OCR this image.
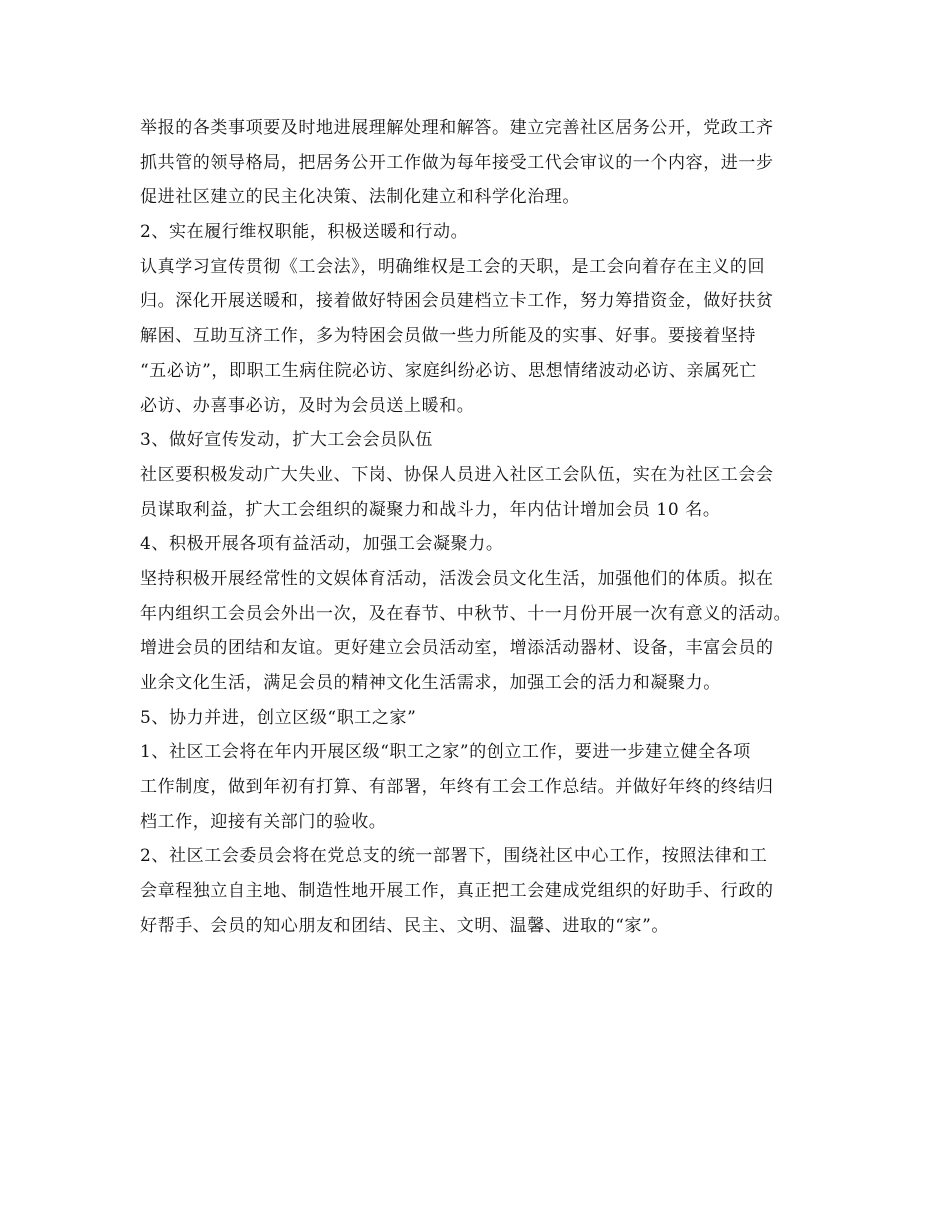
举报的各类事项要及时地进展理解处理和解答。建立完善社区居务公开，党政工齐
抓共管的领导格局，把居务公开工作做为每年接受工代会审议的一个内容，进一步
促进社区建立的民主化决策、法制化建立和科学化治理。
2、实在履行维权职能，积极送暖和行动。
认真学习宣传贯彻《工会法》，明确维权是工会的天职，是工会向着存在主义的回
归。深化开展送暖和，接着做好特困会员建档立卡工作，努力筹措资金，做好扶贫
解困、互助互济工作，多为特困会员做一些力所能及的实事、好事。要接着坚持
“五必访”，即职工生病住院必访、家庭纠纷必访、思想情绪波动必访、亲属死亡
必访、办喜事必访，及时为会员送上暖和。
3、做好宣传发动，扩大工会会员队伍
社区要积极发动广大失业、下岗、协保人员进入社区工会队伍，实在为社区工会会
员谋取利益，扩大工会组织的凝聚力和战斗力，年内估计增加会员 10 名。
4、积极开展各项有益活动，加强工会凝聚力。
坚持积极开展经常性的文娱体育活动，活泼会员文化生活，加强他们的体质。拟在
年内组织工会员会外出一次，及在春节、中秋节、十一月份开展一次有意义的活动。
增进会员的团结和友谊。更好建立会员活动室，增添活动器材、设备，丰富会员的
业余文化生活，满足会员的精神文化生活需求，加强工会的活力和凝聚力。
5、协力并进，创立区级“职工之家”
1、社区工会将在年内开展区级“职工之家”的创立工作，要进一步建立健全各项
工作制度，做到年初有打算、有部署，年终有工会工作总结。并做好年终的终结归
档工作，迎接有关部门的验收。
2、社区工会委员会将在党总支的统一部署下，围绕社区中心工作，按照法律和工
会章程独立自主地、制造性地开展工作，真正把工会建成党组织的好助手、行政的
好帮手、会员的知心朋友和团结、民主、文明、温馨、进取的“家”。
